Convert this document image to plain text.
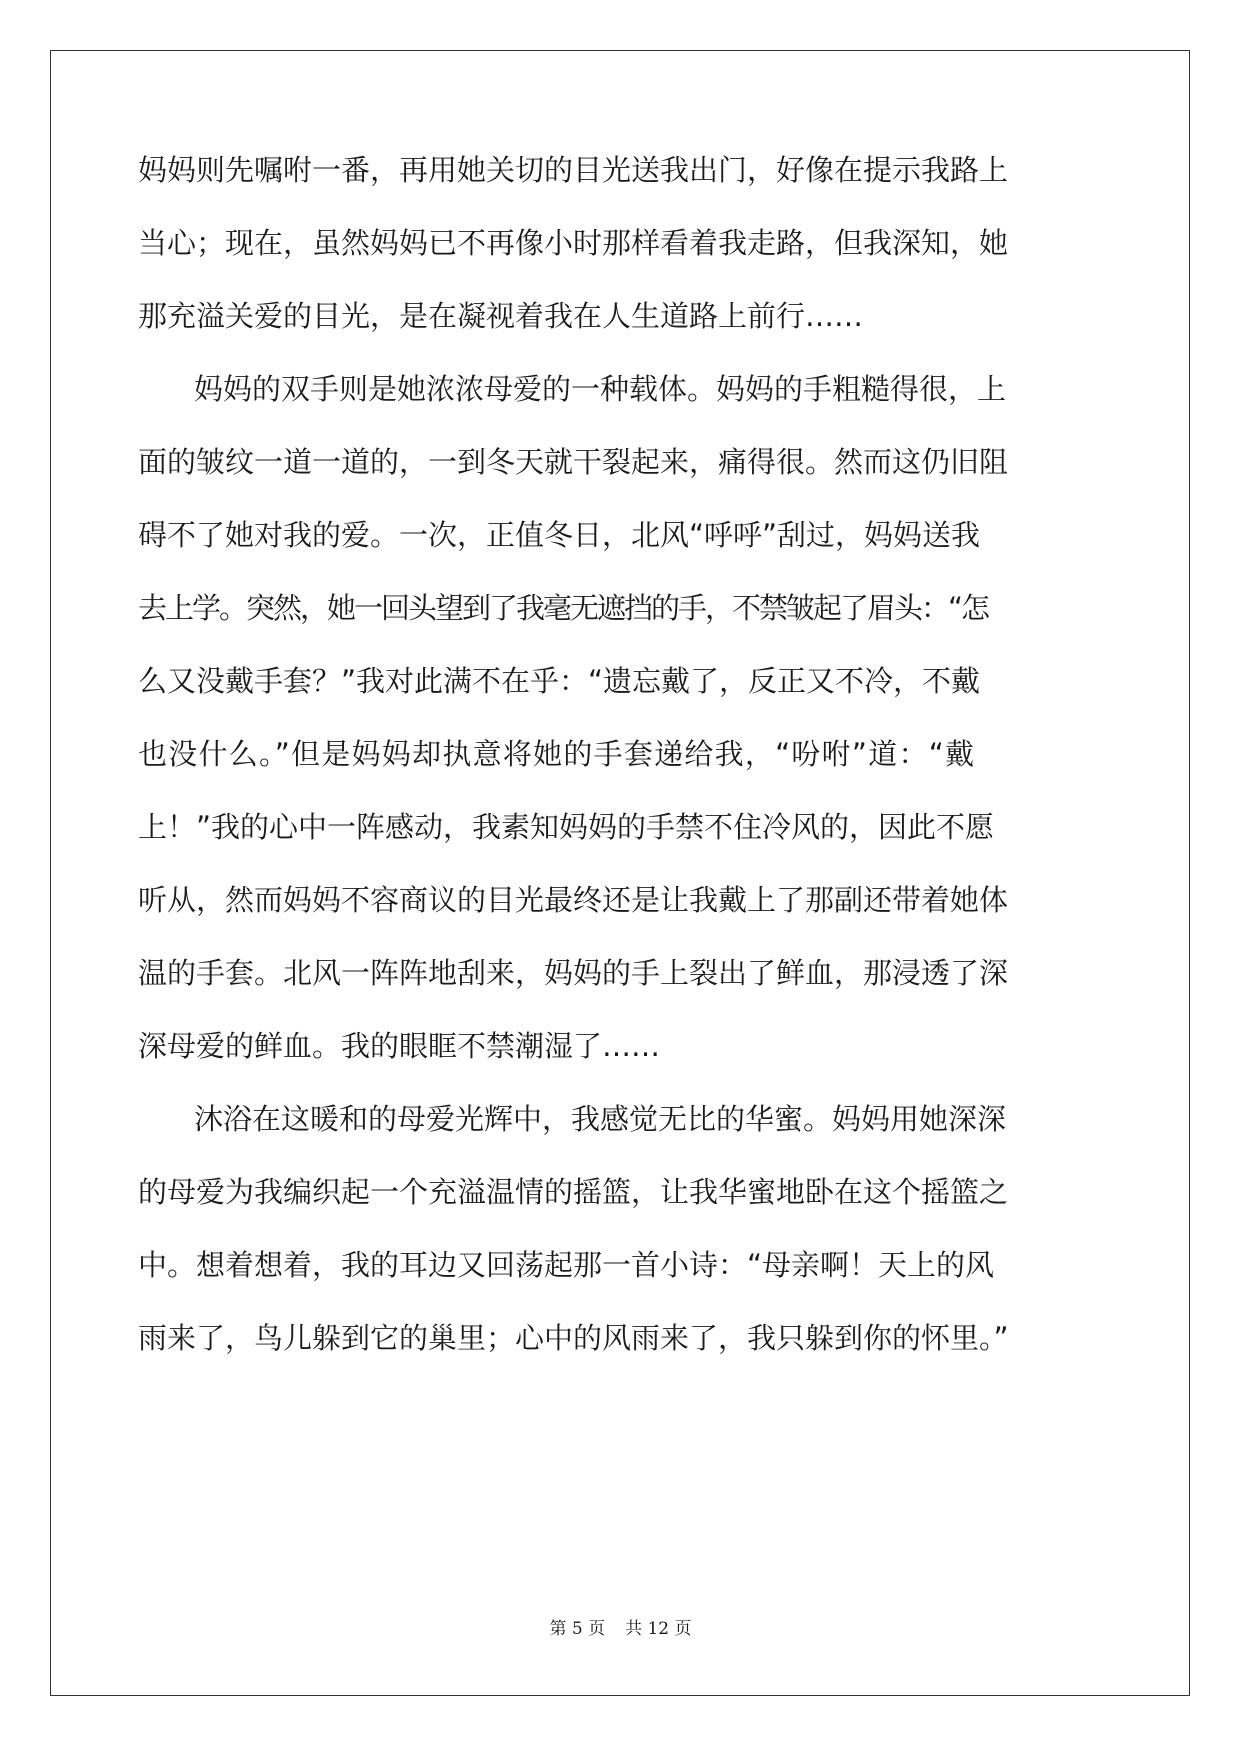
妈妈则先嘱咐一番，再用她关切的目光送我出门，好像在提示我路上
当心；现在，虽然妈妈已不再像小时那样看着我走路，但我深知，她
那充溢关爱的目光，是在凝视着我在人生道路上前行……
妈妈的双手则是她浓浓母爱的一种载体。妈妈的手粗糙得很，上
面的皱纹一道一道的，一到冬天就干裂起来，痛得很。然而这仍旧阻
碍不了她对我的爱。一次，正值冬日，北风“呼呼”刮过，妈妈送我
去上学。突然，她一回头望到了我毫无遮挡的手，不禁皱起了眉头：“怎
么又没戴手套？”我对此满不在乎：“遗忘戴了，反正又不冷，不戴
也没什么。”但是妈妈却执意将她的手套递给我，“吩咐”道：“戴
上！”我的心中一阵感动，我素知妈妈的手禁不住冷风的，因此不愿
听从，然而妈妈不容商议的目光最终还是让我戴上了那副还带着她体
温的手套。北风一阵阵地刮来，妈妈的手上裂出了鲜血，那浸透了深
深母爱的鲜血。我的眼眶不禁潮湿了……
沐浴在这暖和的母爱光辉中，我感觉无比的华蜜。妈妈用她深深
的母爱为我编织起一个充溢温情的摇篮，让我华蜜地卧在这个摇篮之
中。想着想着，我的耳边又回荡起那一首小诗：“母亲啊！天上的风
雨来了，鸟儿躲到它的巢里；心中的风雨来了，我只躲到你的怀里。”
第 5 页 共 12 页
